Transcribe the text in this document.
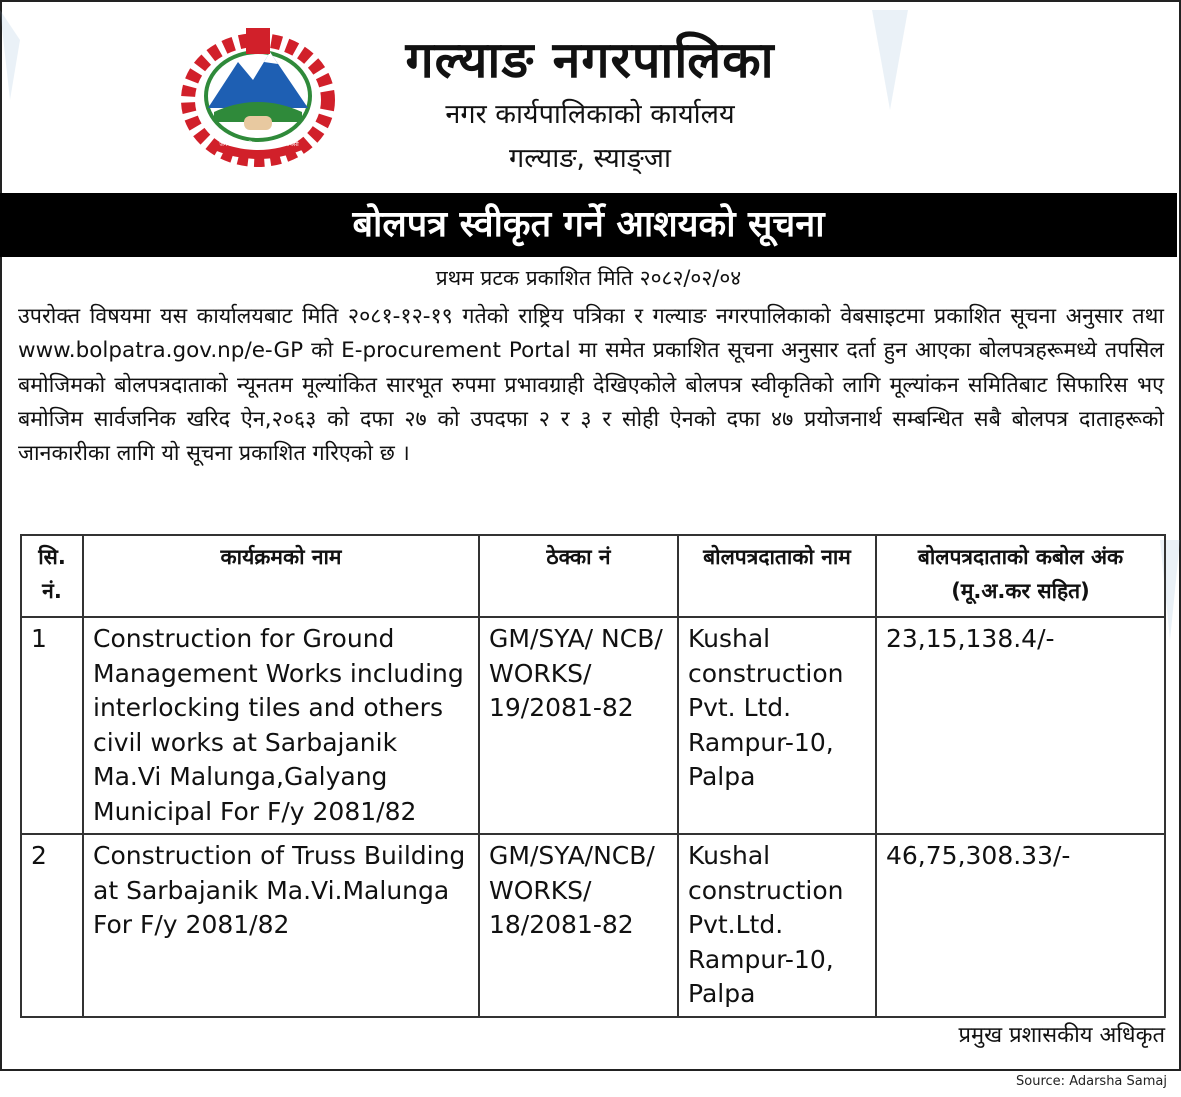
जननी जन्मभूमिश्च स्वर्गादपि गरीयसी
गल्याङ नगरपालिका
नगर कार्यपालिकाको कार्यालय
गल्याङ, स्याङ्जा
बोलपत्र स्वीकृत गर्ने आशयको सूचना
प्रथम प्रटक प्रकाशित मिति २०८२/०२/०४
उपरोक्त विषयमा यस कार्यालयबाट मिति २०८१-१२-१९ गतेको राष्ट्रिय पत्रिका र गल्याङ नगरपालिकाको वेबसाइटमा प्रकाशित सूचना अनुसार तथा www.bolpatra.gov.np/e-GP को E-procurement Portal मा समेत प्रकाशित सूचना अनुसार दर्ता हुन आएका बोलपत्रहरूमध्ये तपसिल बमोजिमको बोलपत्रदाताको न्यूनतम मूल्यांकित सारभूत रुपमा प्रभावग्राही देखिएकोले बोलपत्र स्वीकृतिको लागि मूल्यांकन समितिबाट सिफारिस भए बमोजिम सार्वजनिक खरिद ऐन,२०६३ को दफा २७ को उपदफा २ र ३ र सोही ऐनको दफा ४७ प्रयोजनार्थ सम्बन्धित सबै बोलपत्र दाताहरूको जानकारीका लागि यो सूचना प्रकाशित गरिएको छ ।
सि. नं.	कार्यक्रमको नाम	ठेक्का नं	बोलपत्रदाताको नाम	बोलपत्रदाताको कबोल अंक (मू.अ.कर सहित)
1	Construction for Ground Management Works including interlocking tiles and others civil works at Sarbajanik Ma.Vi Malunga,Galyang Municipal For F/y 2081/82	GM/SYA/ NCB/ WORKS/ 19/2081-82	Kushal construction Pvt. Ltd. Rampur-10, Palpa	23,15,138.4/-
2	Construction of Truss Building at Sarbajanik Ma.Vi.Malunga For F/y 2081/82	GM/SYA/NCB/ WORKS/ 18/2081-82	Kushal construction Pvt.Ltd. Rampur-10, Palpa	46,75,308.33/-
प्रमुख प्रशासकीय अधिकृत
Source: Adarsha Samaj
